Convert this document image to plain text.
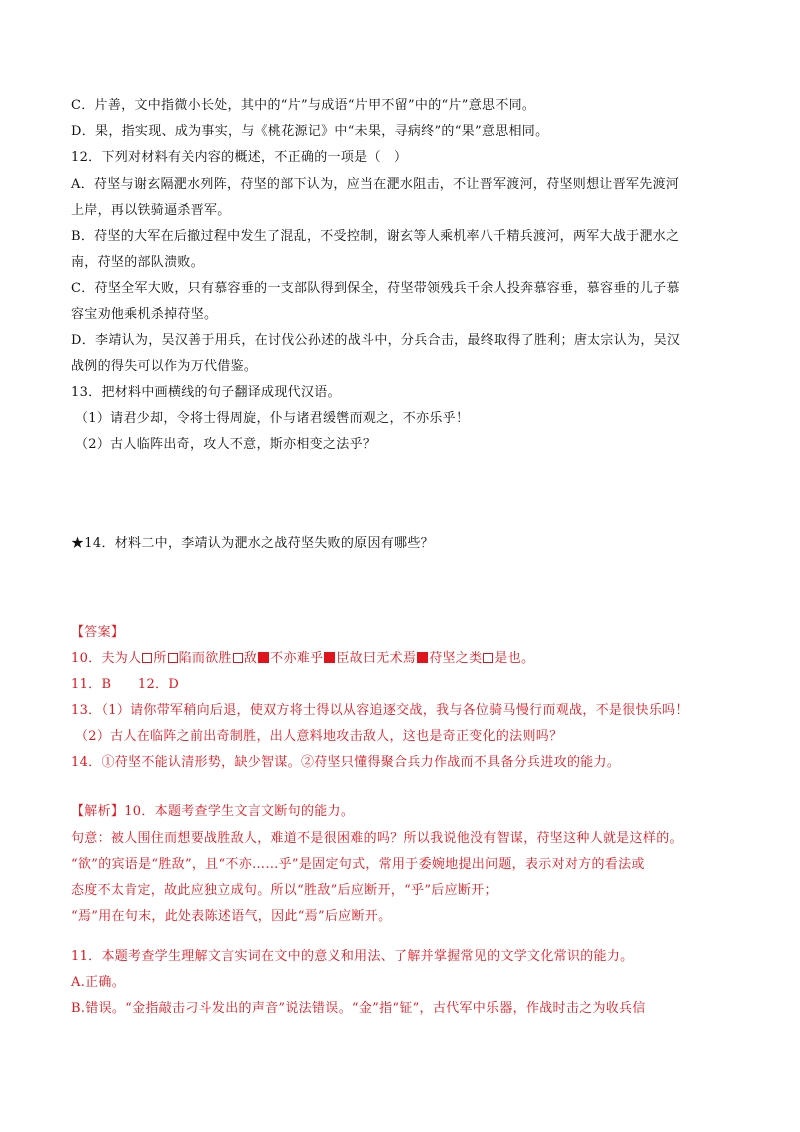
C．片善，文中指微小长处，其中的“片”与成语“片甲不留”中的“片”意思不同。
D．果，指实现、成为事实，与《桃花源记》中“未果，寻病终”的“果”意思相同。
12．下列对材料有关内容的概述，不正确的一项是（　）
A．苻坚与谢玄隔淝水列阵，苻坚的部下认为，应当在淝水阻击，不让晋军渡河，苻坚则想让晋军先渡河
上岸，再以铁骑逼杀晋军。
B．苻坚的大军在后撤过程中发生了混乱，不受控制，谢玄等人乘机率八千精兵渡河，两军大战于淝水之
南，苻坚的部队溃败。
C．苻坚全军大败，只有慕容垂的一支部队得到保全，苻坚带领残兵千余人投奔慕容垂，慕容垂的儿子慕
容宝劝他乘机杀掉苻坚。
D．李靖认为，吴汉善于用兵，在讨伐公孙述的战斗中，分兵合击，最终取得了胜利；唐太宗认为，吴汉
战例的得失可以作为万代借鉴。
13．把材料中画横线的句子翻译成现代汉语。
（1）请君少却，令将士得周旋，仆与诸君缓辔而观之，不亦乐乎！
（2）古人临阵出奇，攻人不意，斯亦相变之法乎？
★14．材料二中，李靖认为淝水之战苻坚失败的原因有哪些？
【答案】
10．夫为人 所 陷而欲胜 敌 不亦难乎 臣故曰无术焉 苻坚之类 是也。
11．B　　12．D
13．（1）请你带军稍向后退，使双方将士得以从容追逐交战，我与各位骑马慢行而观战，不是很快乐吗！
（2）古人在临阵之前出奇制胜，出人意料地攻击敌人，这也是奇正变化的法则吗？
14．①苻坚不能认清形势，缺少智谋。②苻坚只懂得聚合兵力作战而不具备分兵进攻的能力。
【解析】10．本题考查学生文言文断句的能力。
句意：被人围住而想要战胜敌人，难道不是很困难的吗？所以我说他没有智谋，苻坚这种人就是这样的。
“欲”的宾语是“胜敌”，且“不亦……乎”是固定句式，常用于委婉地提出问题，表示对对方的看法或
态度不太肯定，故此应独立成句。所以“胜敌”后应断开，“乎”后应断开；
“焉”用在句末，此处表陈述语气，因此“焉”后应断开。
11．本题考查学生理解文言实词在文中的意义和用法、了解并掌握常见的文学文化常识的能力。
A.正确。
B.错误。“金指敲击刁斗发出的声音”说法错误。“金”指“钲”，古代军中乐器，作战时击之为收兵信
